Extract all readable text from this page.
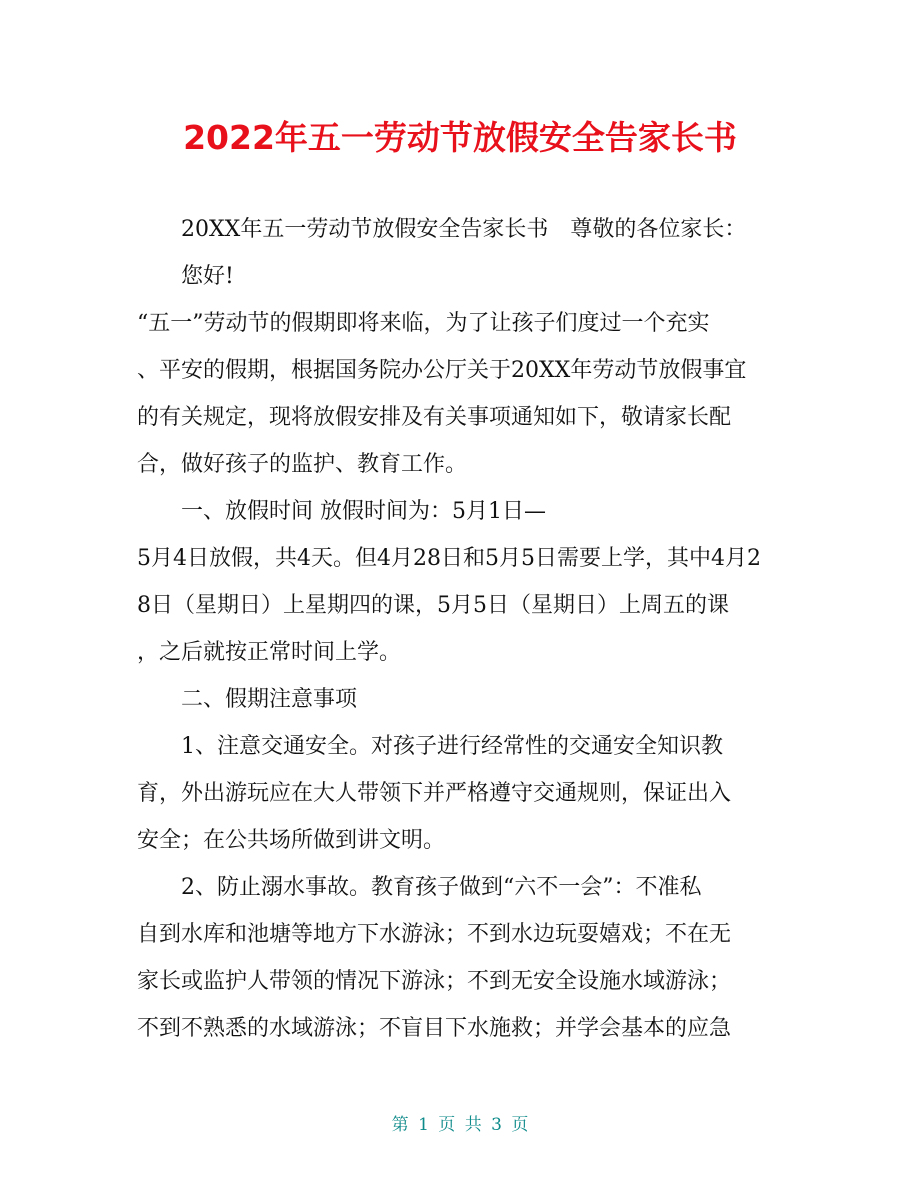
2022年五一劳动节放假安全告家长书
20XX年五一劳动节放假安全告家长书　尊敬的各位家长：
您好!
“五一”劳动节的假期即将来临，为了让孩子们度过一个充实
、平安的假期，根据国务院办公厅关于20XX年劳动节放假事宜
的有关规定，现将放假安排及有关事项通知如下，敬请家长配
合，做好孩子的监护、教育工作。
一、放假时间 放假时间为：5月1日—
5月4日放假，共4天。但4月28日和5月5日需要上学，其中4月2
8日（星期日）上星期四的课，5月5日（星期日）上周五的课
，之后就按正常时间上学。
二、假期注意事项
1、注意交通安全。对孩子进行经常性的交通安全知识教
育，外出游玩应在大人带领下并严格遵守交通规则，保证出入
安全；在公共场所做到讲文明。
2、防止溺水事故。教育孩子做到“六不一会”：不准私
自到水库和池塘等地方下水游泳；不到水边玩耍嬉戏；不在无
家长或监护人带领的情况下游泳；不到无安全设施水域游泳；
不到不熟悉的水域游泳；不盲目下水施救；并学会基本的应急
第 1 页 共 3 页
